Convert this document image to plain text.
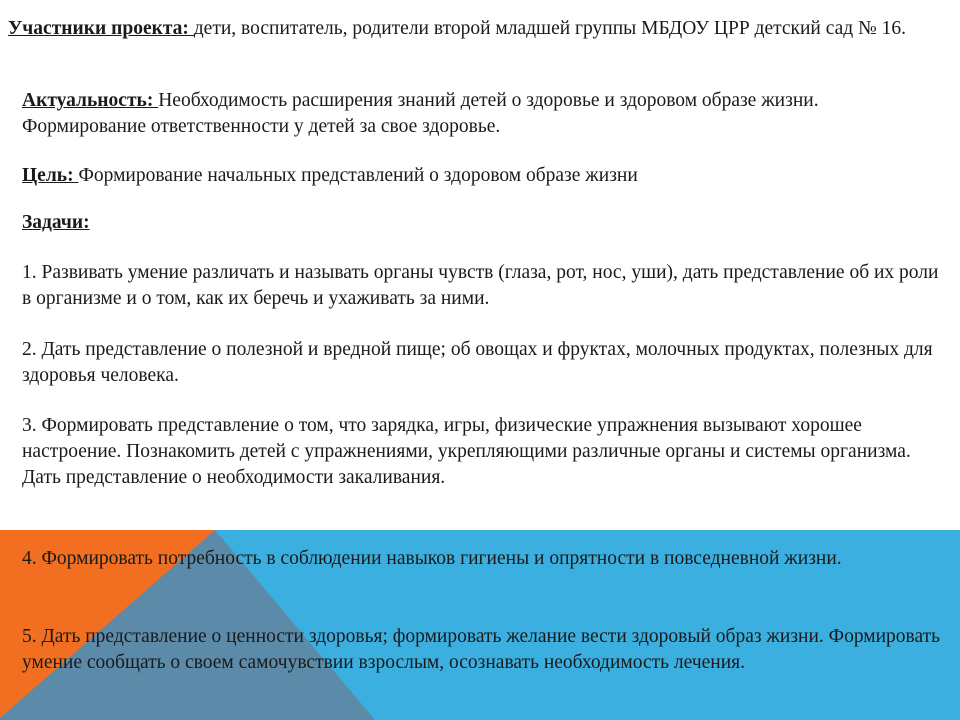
Участники проекта: дети, воспитатель, родители второй младшей группы МБДОУ ЦРР детский сад № 16.

Актуальность: Необходимость расширения знаний детей о здоровье и здоровом образе жизни. Формирование ответственности у детей за свое здоровье.

Цель: Формирование начальных представлений о здоровом образе жизни

Задачи:

1. Развивать умение различать и называть органы чувств (глаза, рот, нос, уши), дать представление об их роли в организме и о том, как их беречь и ухаживать за ними.

2. Дать представление о полезной и вредной пище; об овощах и фруктах, молочных продуктах, полезных для здоровья человека.

3. Формировать представление о том, что зарядка, игры, физические упражнения вызывают хорошее настроение. Познакомить детей с упражнениями, укрепляющими различные органы и системы организма. Дать представление о необходимости закаливания.

4. Формировать потребность в соблюдении навыков гигиены и опрятности в повседневной жизни.

5. Дать представление о ценности здоровья; формировать желание вести здоровый образ жизни. Формировать умение сообщать о своем самочувствии взрослым, осознавать необходимость лечения.
